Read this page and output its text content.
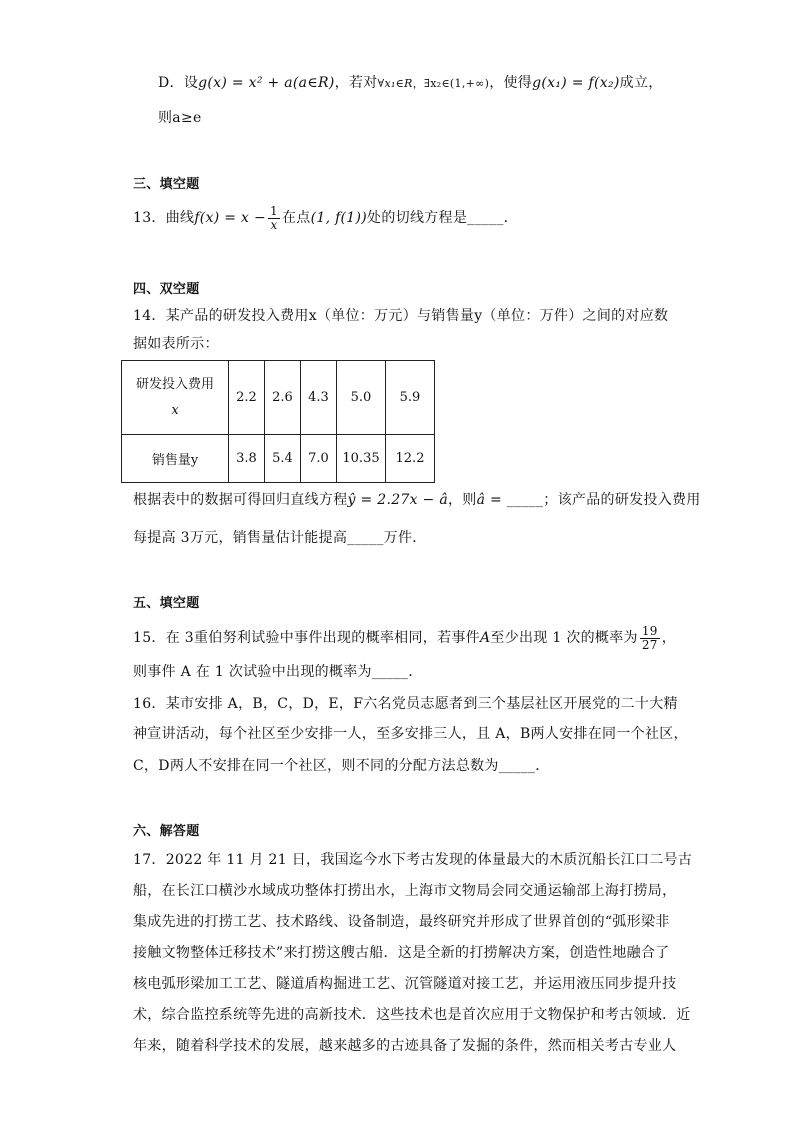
D．设g(x) = x² + a(a∈R)，若对∀x₁∈R，∃x₂∈(1,+∞)，使得g(x₁) = f(x₂)成立，
则a≥e
三、填空题
13．曲线$f(x) = x - \frac{1}{x}$ 在点(1, f(1))处的切线方程是_____．
四、双空题
14．某产品的研发投入费用x（单位：万元）与销售量y（单位：万件）之间的对应数
据如表所示：
研发投入费用
x	2.2	2.6	4.3	5.0	5.9
销售量y	3.8	5.4	7.0	10.35	12.2
根据表中的数据可得回归直线方程ŷ = 2.27x − â，则â = _____；该产品的研发投入费用
每提高 3万元，销售量估计能提高_____万件．
五、填空题
15．在 3重伯努利试验中事件出现的概率相同，若事件A至少出现 1 次的概率为 $\frac{19}{27}$ ，
则事件 A 在 1 次试验中出现的概率为_____．
16．某市安排 A，B，C，D，E，F六名党员志愿者到三个基层社区开展党的二十大精
神宣讲活动，每个社区至少安排一人，至多安排三人，且 A，B两人安排在同一个社区，
C，D两人不安排在同一个社区，则不同的分配方法总数为_____．
六、解答题
17．2022 年 11 月 21 日，我国迄今水下考古发现的体量最大的木质沉船长江口二号古
船，在长江口横沙水域成功整体打捞出水，上海市文物局会同交通运输部上海打捞局，
集成先进的打捞工艺、技术路线、设备制造，最终研究并形成了世界首创的“弧形梁非
接触文物整体迁移技术”来打捞这艘古船．这是全新的打捞解决方案，创造性地融合了
核电弧形梁加工工艺、隧道盾构掘进工艺、沉管隧道对接工艺，并运用液压同步提升技
术，综合监控系统等先进的高新技术．这些技术也是首次应用于文物保护和考古领域．近
年来，随着科学技术的发展，越来越多的古迹具备了发掘的条件，然而相关考古专业人
